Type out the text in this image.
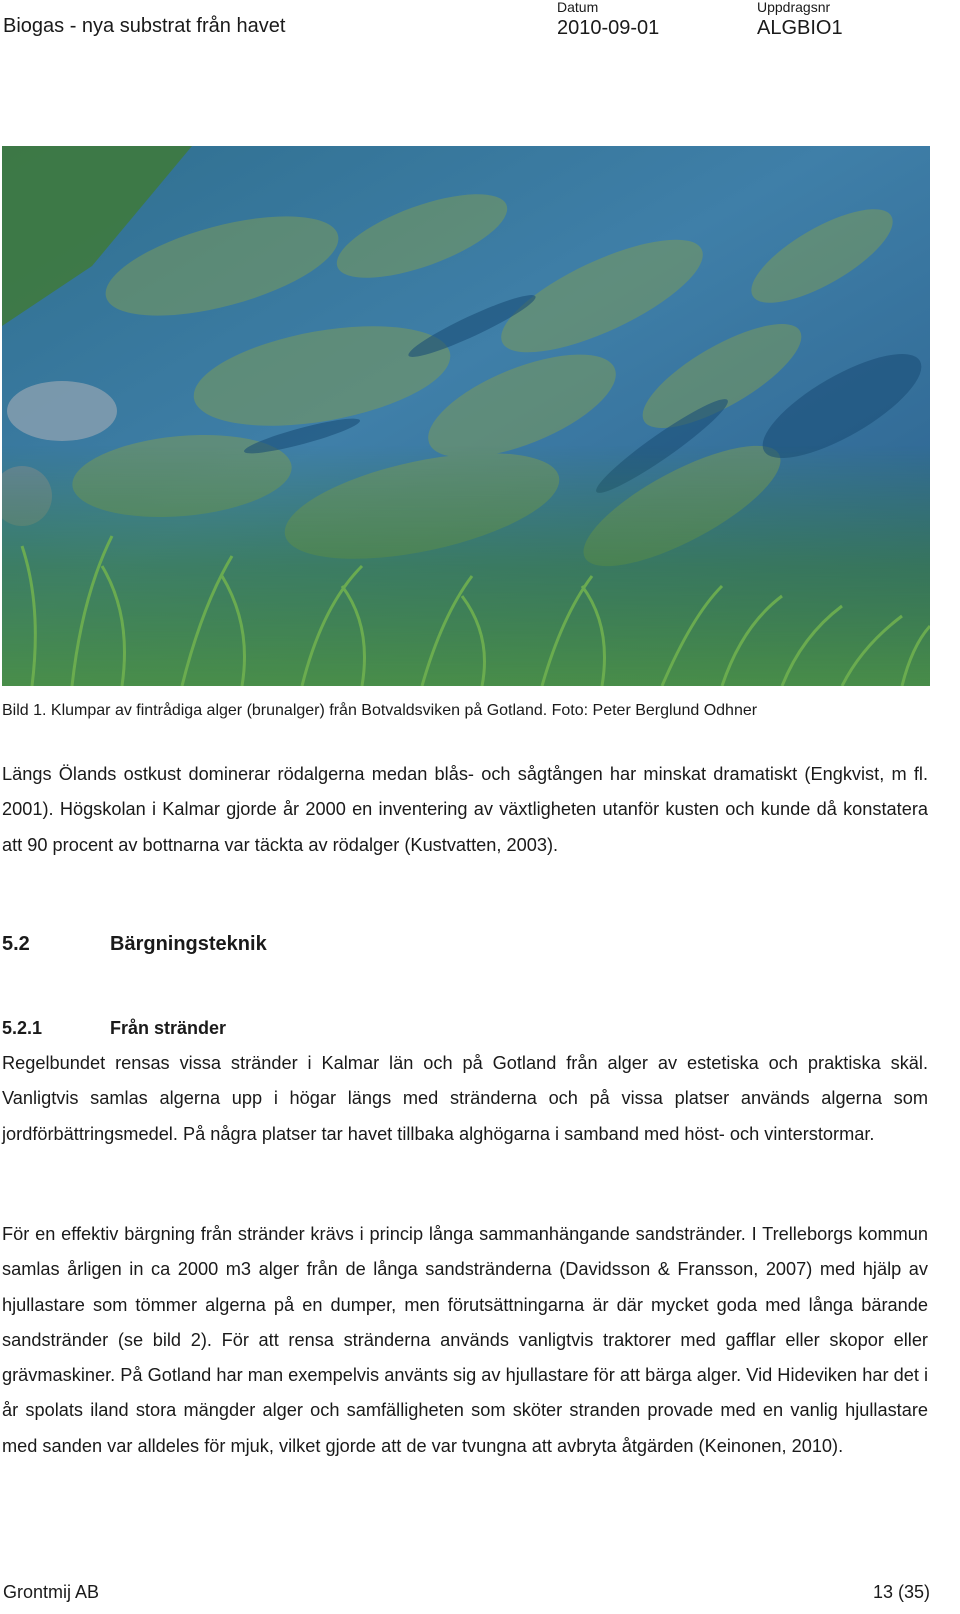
Biogas - nya substrat från havet
Datum
2010-09-01
Uppdragsnr
ALGBIO1
Bild 1. Klumpar av fintrådiga alger (brunalger) från Botvaldsviken på Gotland. Foto: Peter Berglund Odhner

Längs Ölands ostkust dominerar rödalgerna medan blås- och sågtången har minskat dramatiskt (Engkvist, m fl. 2001). Högskolan i Kalmar gjorde år 2000 en inventering av växtligheten utanför kusten och kunde då konstatera att 90 procent av bottnarna var täckta av rödalger (Kustvatten, 2003).

5.2	Bärgningsteknik
5.2.1	Från stränder

Regelbundet rensas vissa stränder i Kalmar län och på Gotland från alger av estetiska och praktiska skäl. Vanligtvis samlas algerna upp i högar längs med stränderna och på vissa platser används algerna som jordförbättringsmedel. På några platser tar havet tillbaka alghögarna i samband med höst- och vinterstormar.

För en effektiv bärgning från stränder krävs i princip långa sammanhängande sandstränder. I Trelleborgs kommun samlas årligen in ca 2000 m3 alger från de långa sandstränderna (Davidsson & Fransson, 2007) med hjälp av hjullastare som tömmer algerna på en dumper, men förutsättningarna är där mycket goda med långa bärande sandstränder (se bild 2). För att rensa stränderna används vanligtvis traktorer med gafflar eller skopor eller grävmaskiner. På Gotland har man exempelvis använts sig av hjullastare för att bärga alger. Vid Hideviken har det i år spolats iland stora mängder alger och samfälligheten som sköter stranden provade med en vanlig hjullastare med sanden var alldeles för mjuk, vilket gjorde att de var tvungna att avbryta åtgärden (Keinonen, 2010).

Grontmij AB	13 (35)
